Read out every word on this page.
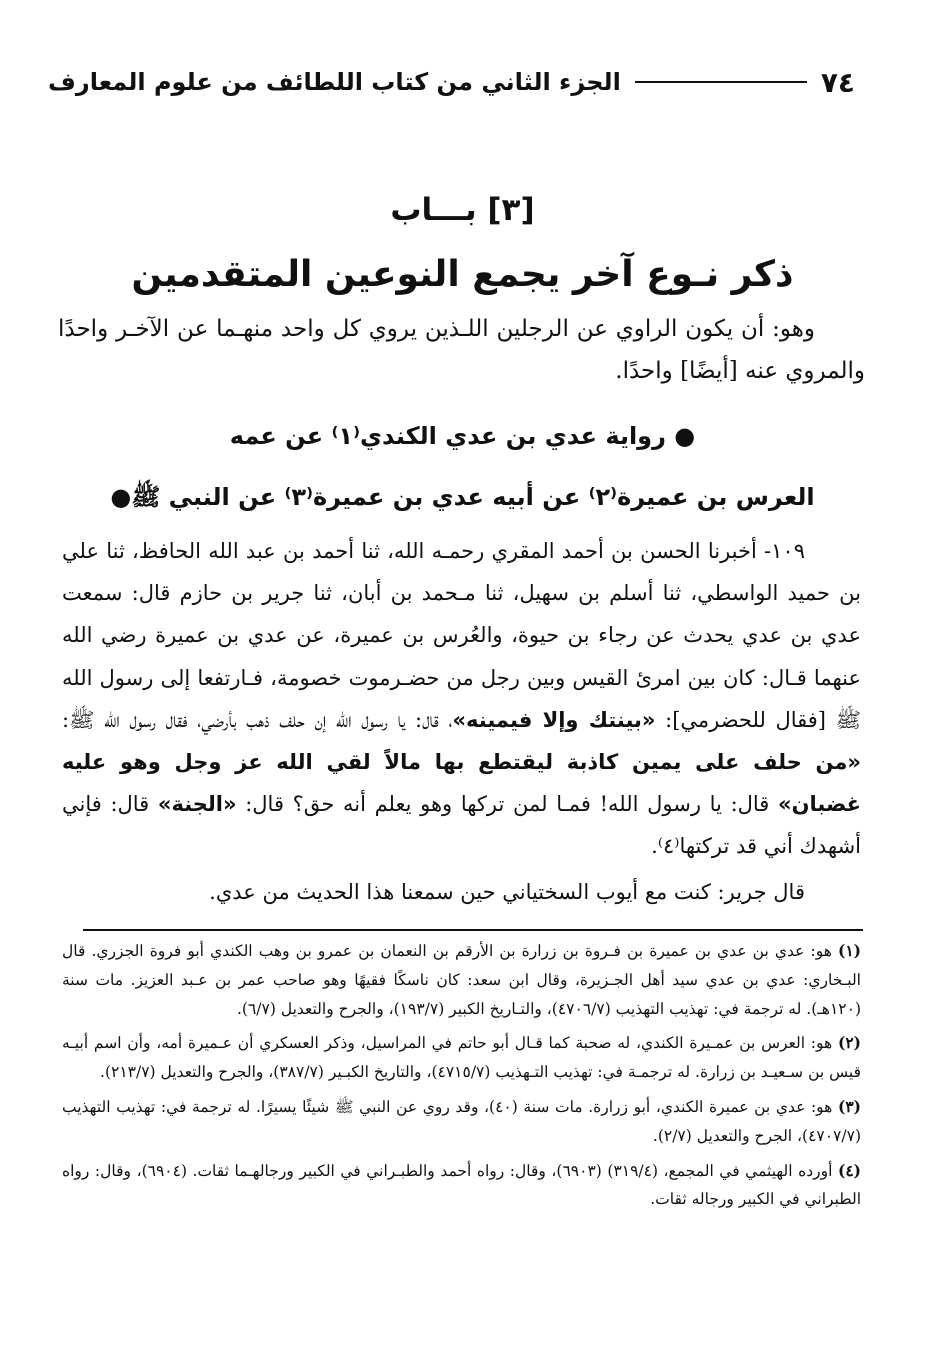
٧٤
الجزء الثاني من كتاب اللطائف من علوم المعارف
[٣] بـــاب
ذكر نـوع آخر يجمع النوعين المتقدمين
وهو: أن يكون الراوي عن الرجلين اللـذين يروي كل واحد منهـما عن الآخـر واحدًا والمروي عنه [أيضًا] واحدًا.
● رواية عدي بن عدي الكندي⁽١⁾ عن عمه
العرس بن عميرة⁽٢⁾ عن أبيه عدي بن عميرة⁽٣⁾ عن النبي ﷺ●
١٠٩- أخبرنا الحسن بن أحمد المقري رحمـه الله، ثنا أحمد بن عبد الله الحافظ، ثنا علي بن حميد الواسطي، ثنا أسلم بن سهيل، ثنا مـحمد بن أبان، ثنا جرير بن حازم قال: سمعت عدي بن عدي يحدث عن رجاء بن حيوة، والعُرس بن عميرة، عن عدي بن عميرة رضي الله عنهما قـال: كان بين امرئ القيس وبين رجل من حضـرموت خصومة، فـارتفعا إلى رسول الله ﷺ [فقال للحضرمي]: «بينتك وإلا فيمينه»، قال: يا رسول الله إن حلف ذهب بأرضي، فقال رسول الله ﷺ: «من حلف على يمين كاذبة ليقتطع بها مالاً لقي الله عز وجل وهو عليه غضبان» قال: يا رسول الله! فمـا لمن تركها وهو يعلم أنه حق؟ قال: «الجنة» قال: فإني أشهدك أني قد تركتها⁽٤⁾.
قال جرير: كنت مع أيوب السختياني حين سمعنا هذا الحديث من عدي.

(١) هو: عدي بن عدي بن عميرة بن فـروة بن زرارة بن الأرقم بن النعمان بن عمرو بن وهب الكندي أبو فروة الجزري. قال البـخاري: عدي بن عدي سيد أهل الجـزيرة، وقال ابن سعد: كان ناسكًا فقيهًا وهو صاحب عمر بن عـبد العزيز. مات سنة (١٢٠هـ). له ترجمة في: تهذيب التهذيب (٤٧٠٦/٧)، والتـاريخ الكبير (١٩٣/٧)، والجرح والتعديل (٦/٧).

(٢) هو: العرس بن عمـيرة الكندي، له صحبة كما قـال أبو حاتم في المراسيل، وذكر العسكري أن عـميرة أمه، وأن اسم أبيـه قيس بن سـعيـد بن زرارة. له ترجمـة في: تهذيب التـهذيب (٤٧١٥/٧)، والتاريخ الكبـير (٣٨٧/٧)، والجرح والتعديل (٢١٣/٧).

(٣) هو: عدي بن عميرة الكندي، أبو زرارة. مات سنة (٤٠)، وقد روي عن النبي ﷺ شيئًا يسيرًا. له ترجمة في: تهذيب التهذيب (٤٧٠٧/٧)، الجرح والتعديل (٢/٧).

(٤) أورده الهيثمي في المجمع، (٣١٩/٤) (٦٩٠٣)، وقال: رواه أحمد والطبـراني في الكبير ورجالهـما ثقات. (٦٩٠٤)، وقال: رواه الطبراني في الكبير ورجاله ثقات.
